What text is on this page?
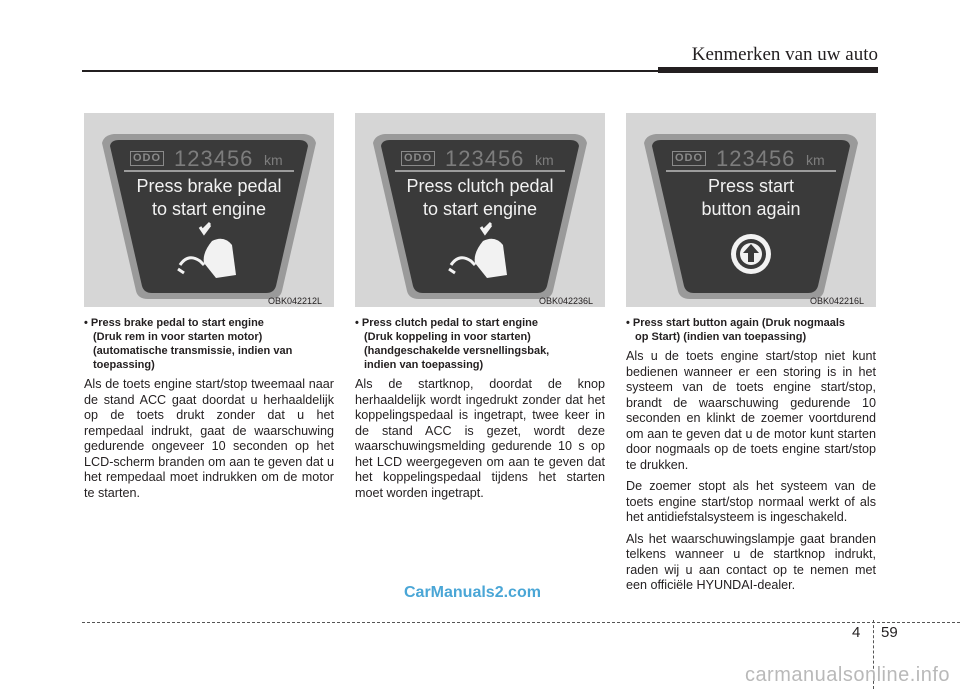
Kenmerken van uw auto
ODO 123456 km
Press brake pedal
to start engine
OBK042212L
ODO 123456 km
Press clutch pedal
to start engine
OBK042236L
ODO 123456 km
Press start
button again
OBK042216L
• Press brake pedal to start engine
(Druk rem in voor starten motor)
(automatische transmissie, indien van
toepassing)

Als de toets engine start/stop tweemaal naar de stand ACC gaat doordat u herhaaldelijk op de toets drukt zonder dat u het rempedaal indrukt, gaat de waarschuwing gedurende ongeveer 10 seconden op het LCD-scherm branden om aan te geven dat u het rempedaal moet indrukken om de motor te starten.

• Press clutch pedal to start engine
(Druk koppeling in voor starten)
(handgeschakelde versnellingsbak,
indien van toepassing)

Als de startknop, doordat de knop herhaaldelijk wordt ingedrukt zonder dat het koppelingspedaal is ingetrapt, twee keer in de stand ACC is gezet, wordt deze waarschuwingsmelding gedurende 10 s op het LCD weergegeven om aan te geven dat het koppelingspedaal tijdens het starten moet worden ingetrapt.

• Press start button again (Druk nogmaals
op Start) (indien van toepassing)

Als u de toets engine start/stop niet kunt bedienen wanneer er een storing is in het systeem van de toets engine start/stop, brandt de waarschuwing gedurende 10 seconden en klinkt de zoemer voortdurend om aan te geven dat u de motor kunt starten door nogmaals op de toets engine start/stop te drukken.

De zoemer stopt als het systeem van de toets engine start/stop normaal werkt of als het antidiefstalsysteem is ingeschakeld.

Als het waarschuwingslampje gaat branden telkens wanneer u de startknop indrukt, raden wij u aan contact op te nemen met een officiële HYUNDAI-dealer.

CarManuals2.com
4 59
carmanualsonline.info
